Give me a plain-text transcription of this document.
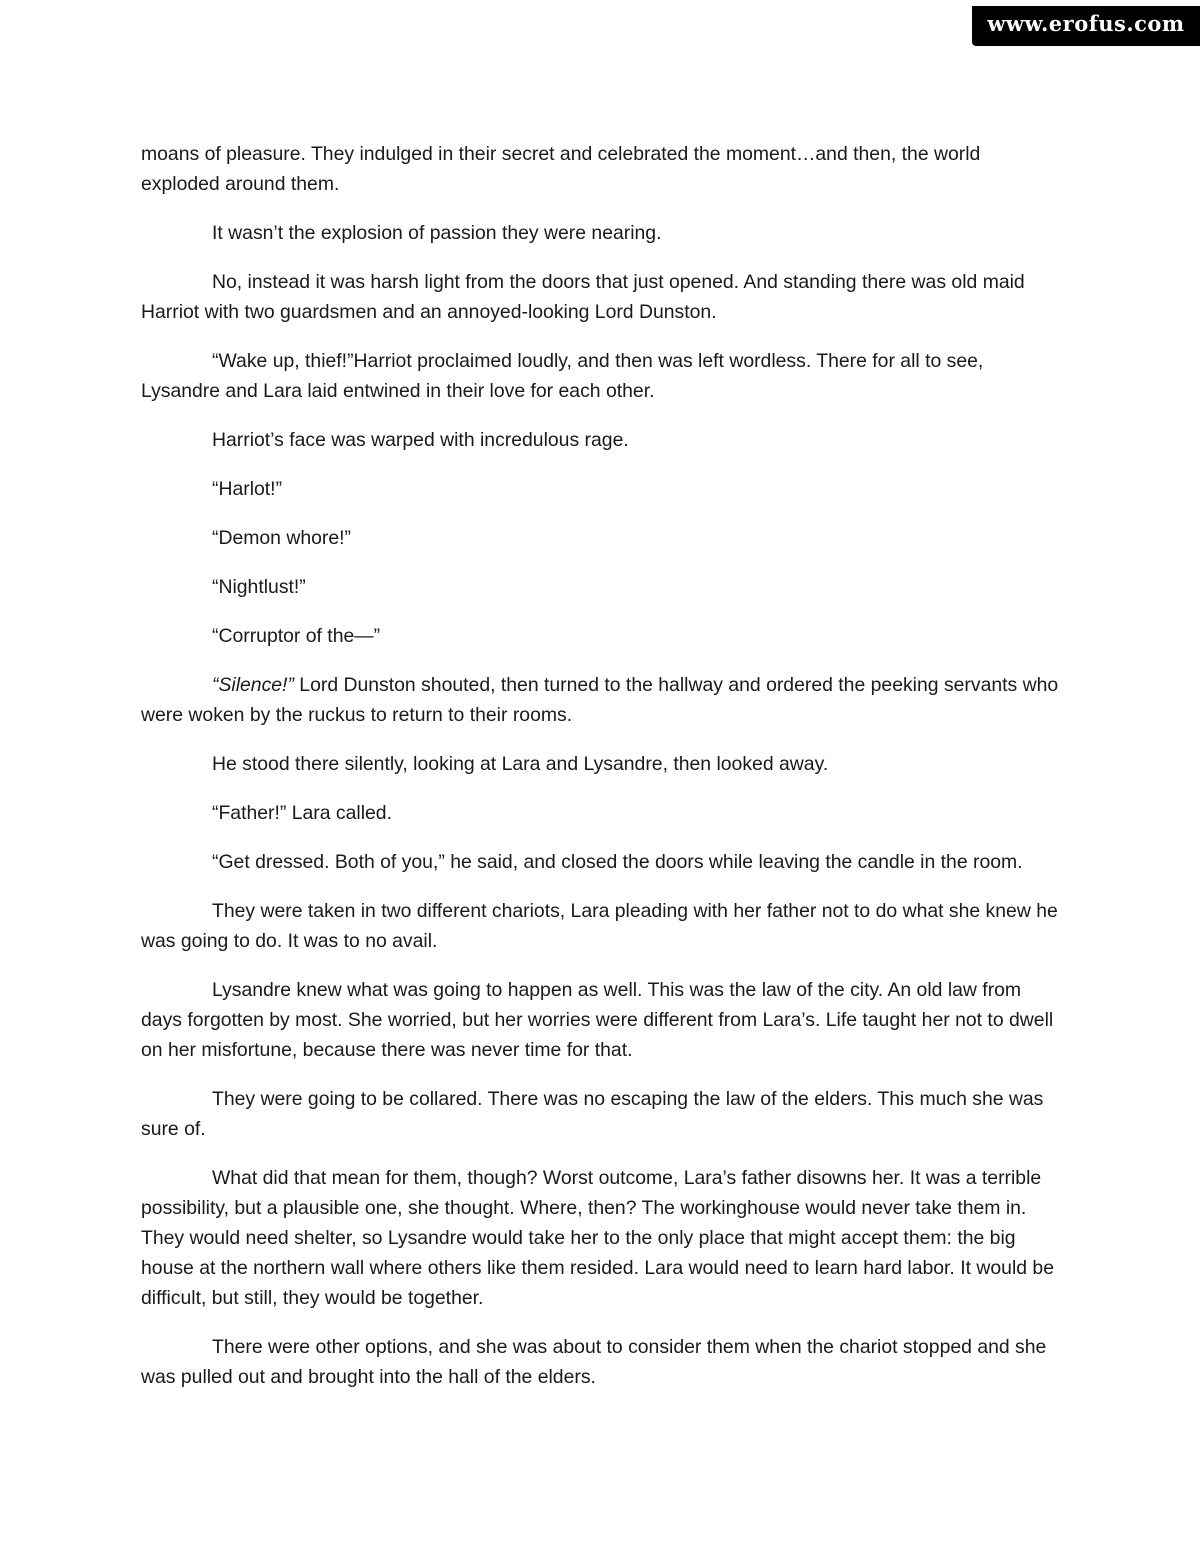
www.erofus.com

moans of pleasure. They indulged in their secret and celebrated the moment…and then, the world exploded around them.

It wasn’t the explosion of passion they were nearing.

No, instead it was harsh light from the doors that just opened. And standing there was old maid Harriot with two guardsmen and an annoyed-looking Lord Dunston.

“Wake up, thief!”Harriot proclaimed loudly, and then was left wordless. There for all to see, Lysandre and Lara laid entwined in their love for each other.

Harriot’s face was warped with incredulous rage.

“Harlot!”

“Demon whore!”

“Nightlust!”

“Corruptor of the—”

“Silence!” Lord Dunston shouted, then turned to the hallway and ordered the peeking servants who were woken by the ruckus to return to their rooms.

He stood there silently, looking at Lara and Lysandre, then looked away.

“Father!” Lara called.

“Get dressed. Both of you,” he said, and closed the doors while leaving the candle in the room.

They were taken in two different chariots, Lara pleading with her father not to do what she knew he was going to do. It was to no avail.

Lysandre knew what was going to happen as well. This was the law of the city. An old law from days forgotten by most. She worried, but her worries were different from Lara’s. Life taught her not to dwell on her misfortune, because there was never time for that.

They were going to be collared. There was no escaping the law of the elders. This much she was sure of.

What did that mean for them, though? Worst outcome, Lara’s father disowns her. It was a terrible possibility, but a plausible one, she thought. Where, then? The workinghouse would never take them in. They would need shelter, so Lysandre would take her to the only place that might accept them: the big house at the northern wall where others like them resided. Lara would need to learn hard labor. It would be difficult, but still, they would be together.

There were other options, and she was about to consider them when the chariot stopped and she was pulled out and brought into the hall of the elders.
